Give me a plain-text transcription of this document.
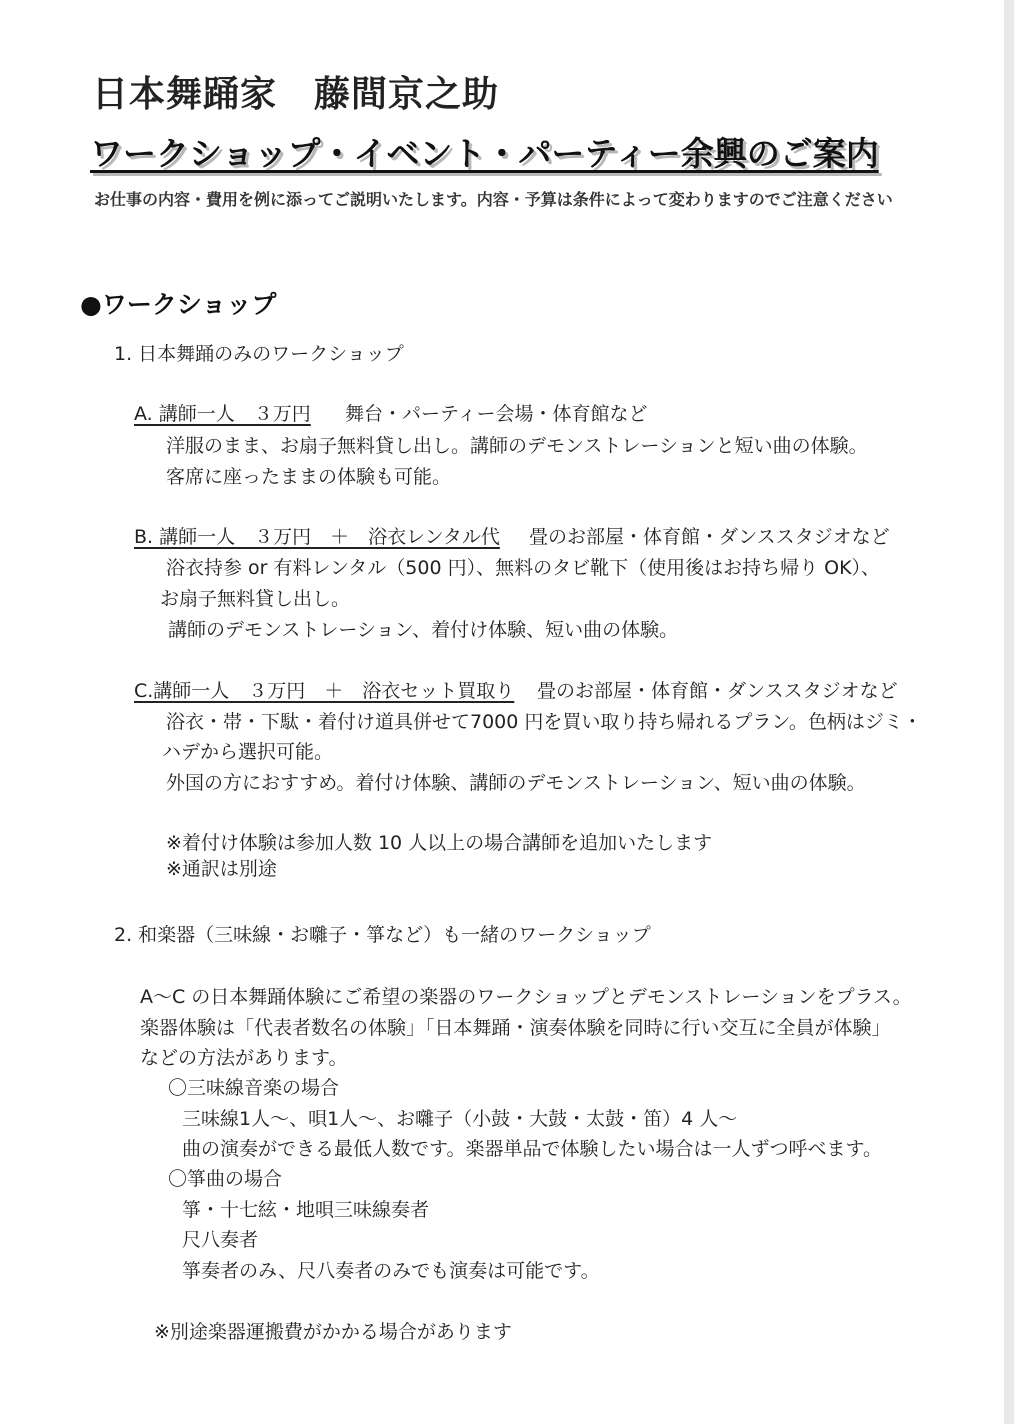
日本舞踊家　藤間京之助
ワークショップ・イベント・パーティー余興のご案内

お仕事の内容・費用を例に添ってご説明いたします。内容・予算は条件によって変わりますのでご注意ください

●ワークショップ

1. 日本舞踊のみのワークショップ

A. 講師一人　３万円 舞台・パーティー会場・体育館など

洋服のまま、お扇子無料貸し出し。講師のデモンストレーションと短い曲の体験。

客席に座ったままの体験も可能。

B. 講師一人　３万円　＋　浴衣レンタル代 畳のお部屋・体育館・ダンススタジオなど

浴衣持参 or 有料レンタル（500 円）、無料のタビ靴下（使用後はお持ち帰り OK）、

お扇子無料貸し出し。

講師のデモンストレーション、着付け体験、短い曲の体験。

C.講師一人　３万円　＋　浴衣セット買取り 畳のお部屋・体育館・ダンススタジオなど

浴衣・帯・下駄・着付け道具併せて7000 円を買い取り持ち帰れるプラン。色柄はジミ・

ハデから選択可能。

外国の方におすすめ。着付け体験、講師のデモンストレーション、短い曲の体験。

※着付け体験は参加人数 10 人以上の場合講師を追加いたします

※通訳は別途

2. 和楽器（三味線・お囃子・箏など）も一緒のワークショップ

A～C の日本舞踊体験にご希望の楽器のワークショップとデモンストレーションをプラス。

楽器体験は「代表者数名の体験」「日本舞踊・演奏体験を同時に行い交互に全員が体験」

などの方法があります。

〇三味線音楽の場合

三味線1人～、唄1人～、お囃子（小鼓・大鼓・太鼓・笛）4 人～

曲の演奏ができる最低人数です。楽器単品で体験したい場合は一人ずつ呼べます。

〇箏曲の場合

箏・十七絃・地唄三味線奏者

尺八奏者

箏奏者のみ、尺八奏者のみでも演奏は可能です。

※別途楽器運搬費がかかる場合があります
